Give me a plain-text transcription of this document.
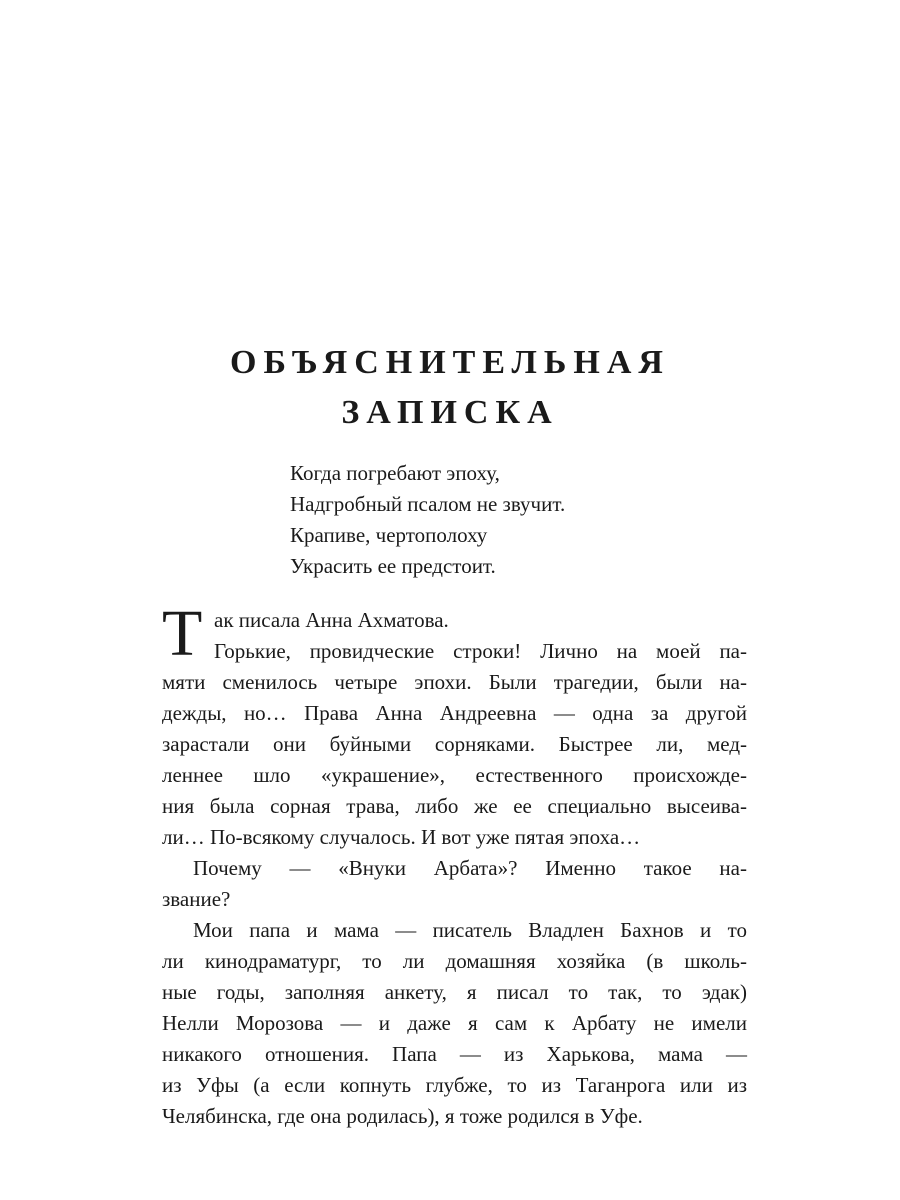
ОБЪЯСНИТЕЛЬНАЯ
ЗАПИСКА
Когда погребают эпоху,
Надгробный псалом не звучит.
Крапиве, чертополоху
Украсить ее предстоит.
Т ак писала Анна Ахматова.
Горькие, провидческие строки! Лично на моей па-
мяти сменилось четыре эпохи. Были трагедии, были на-
дежды, но… Права Анна Андреевна — одна за другой
зарастали они буйными сорняками. Быстрее ли, мед-
леннее шло «украшение», естественного происхожде-
ния была сорная трава, либо же ее специально высеива-
ли… По-всякому случалось. И вот уже пятая эпоха…
Почему — «Внуки Арбата»? Именно такое на-
звание?
Мои папа и мама — писатель Владлен Бахнов и то
ли кинодраматург, то ли домашняя хозяйка (в школь-
ные годы, заполняя анкету, я писал то так, то эдак)
Нелли Морозова — и даже я сам к Арбату не имели
никакого отношения. Папа — из Харькова, мама —
из Уфы (а если копнуть глубже, то из Таганрога или из
Челябинска, где она родилась), я тоже родился в Уфе.
